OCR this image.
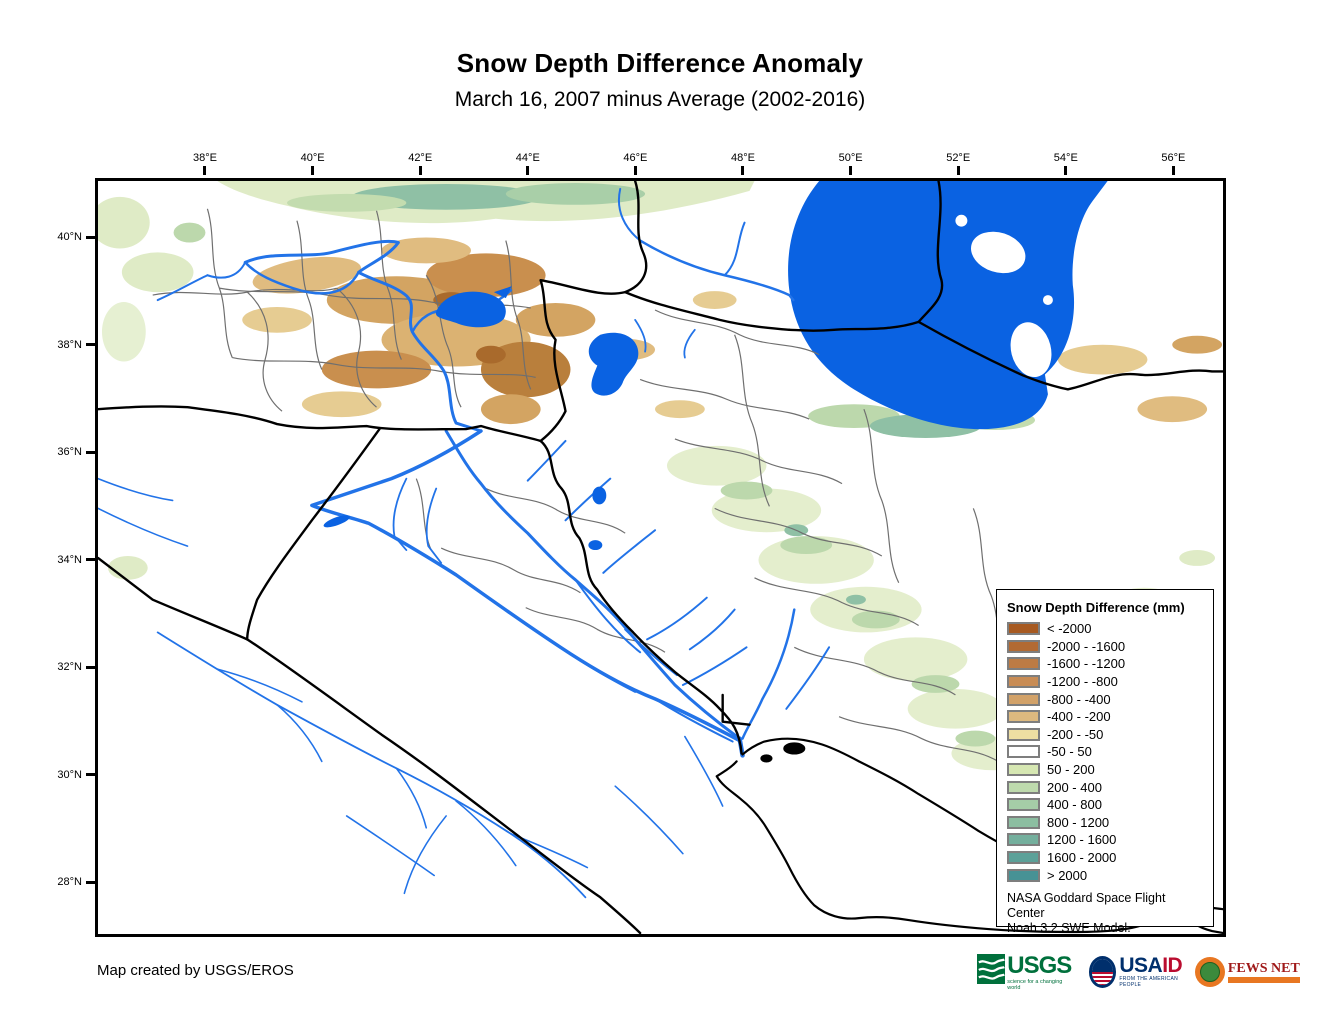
Snow Depth Difference Anomaly
March 16, 2007 minus Average (2002-2016)
38°E	40°E	42°E	44°E	46°E	48°E	50°E	52°E	54°E	56°E
40°N
38°N
36°N
34°N
32°N
30°N
28°N
Snow Depth Difference (mm)
< -2000
-2000 - -1600
-1600 - -1200
-1200 - -800
-800 - -400
-400 - -200
-200 - -50
-50 - 50
50 - 200
200 - 400
400 - 800
800 - 1200
1200 - 1600
1600 - 2000
> 2000
NASA Goddard Space Flight Center
Noah 3.2 SWE Model.
Map created by USGS/EROS	USGS
science for a changing world
USAID
FROM THE AMERICAN PEOPLE
FEWS NET
